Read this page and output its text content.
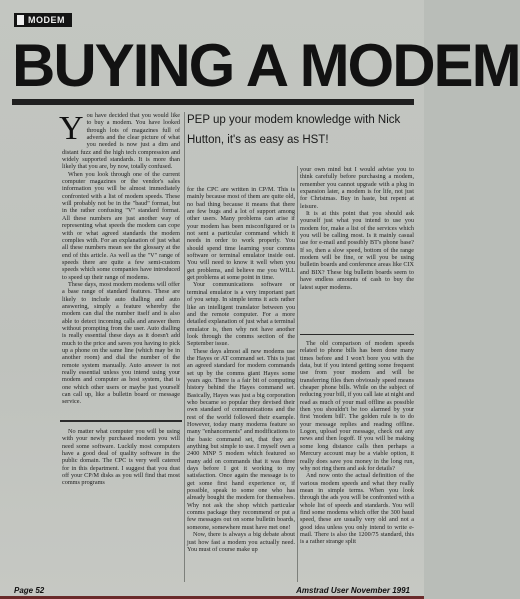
MODEM
BUYING A MODEM

You have decided that you would like to buy a modem. You have looked through lots of magazines full of adverts and the clear picture of what you needed is now just a dim and distant fuzz and the high tech compression and widely supported standards. It is more than likely that you are, by now, totally confused.

When you look through one of the current computer magazines or the vendor's sales information you will be almost immediately confronted with a list of modem speeds. These will probably not be in the "baud" format, but in the rather confusing "V" standard format. All these numbers are just another way of representing what speeds the modem can cope with or what agreed standards the modem complies with. For an explanation of just what all these numbers mean see the glossary at the end of this article. As well as the "V" range of speeds there are quite a few semi-custom speeds which some companies have introduced to speed up their range of modems.

These days, most modern modems will offer a base range of standard features. These are likely to include auto dialling and auto answering, simply a feature whereby the modem can dial the number itself and is also able to detect incoming calls and answer them without prompting from the user. Auto dialling is really essential these days as it doesn't add much to the price and saves you having to pick up a phone on the same line (which may be in another room) and dial the number of the remote system manually. Auto answer is not really essential unless you intend using your modem and computer as host system, that is one which other users or maybe just yourself can call up, like a bulletin board or message service.

No matter what computer you will be using with your newly purchased modem you will need some software. Luckily most computers have a good deal of quality software in the public domain. The CPC is very well catered for in this department. I suggest that you dust off your CP/M disks as you will find that most comms programs

PEP up your modem knowledge with Nick Hutton, it's as easy as HST!

for the CPC are written in CP/M. This is mainly because most of them are quite old, no bad thing because it means that there are few bugs and a lot of support among other users. Many problems can arise if your modem has been misconfigured or is not sent a particular command which it needs in order to work properly. You should spend time learning your comms software or terminal emulator inside out. You will need to know it well when you get problems, and believe me you WILL get problems at some point in time.

Your communications software or terminal emulator is a very important part of you setup. In simple terms it acts rather like an intelligent translator between you and the remote computer. For a more detailed explanation of just what a terminal emulator is, then why not have another look through the comms section of the September issue.

These days almost all new modems use the Hayes or AT command set. This is just an agreed standard for modem commands set up by the comms giant Hayes some years ago. There is a fair bit of computing history behind the Hayes command set. Basically, Hayes was just a big corporation who became so popular they devised their own standard of communications and the rest of the world followed their example. However, today many modems feature so many "enhancements" and modifications to the basic command set, that they are anything but simple to use. I myself own a 2400 MNP 5 modem which featured so many add on commands that it was three days before I got it working to my satisfaction. Once again the message is to get some first hand experience or, if possible, speak to some one who has already bought the modem for themselves. Why not ask the shop which particular comms package they recommend or put a few messages out on some bulletin boards, someone, somewhere must have met one!

Now, there is always a big debate about just how fast a modem you actually need. You must of course make up

your own mind but I would advise you to think carefully before purchasing a modem, remember you cannot upgrade with a plug in expansion later, a modem is for life, not just for Christmas. Buy in haste, but repent at leisure.

It is at this point that you should ask yourself just what you intend to use you modem for, make a list of the services which you will be calling most. Is it mainly casual use for e-mail and possibly BT's phone base? If so, then a slow speed, bottom of the range modem will be fine, or will you be using bulletin boards and conference areas like CIX and BIX? These big bulletin boards seem to have endless amounts of cash to buy the latest super modems.

The old comparison of modem speeds related to phone bills has been done many times before and I won't bore you with the data, but if you intend getting some frequent use from your modem and will be transferring files then obviously speed means cheaper phone bills. While on the subject of reducing your bill, if you call late at night and read as much of your mail offline as possible then you shouldn't be too alarmed by your first 'modem bill'. The golden rule is to do your message replies and reading offline. Logon, upload your message, check out any news and then logoff. If you will be making some long distance calls then perhaps a Mercury account may be a viable option, it really does save you money in the long run, why not ring them and ask for details?

And now onto the actual definition of the various modem speeds and what they really mean in simple terms. When you look through the ads you will be confronted with a whole list of speeds and standards. You will find some modems which offer the 300 baud speed, these are usually very old and not a good idea unless you only intend to write e-mail. There is also the 1200/75 standard, this is a rather strange split

Page 52	Amstrad User November 1991
